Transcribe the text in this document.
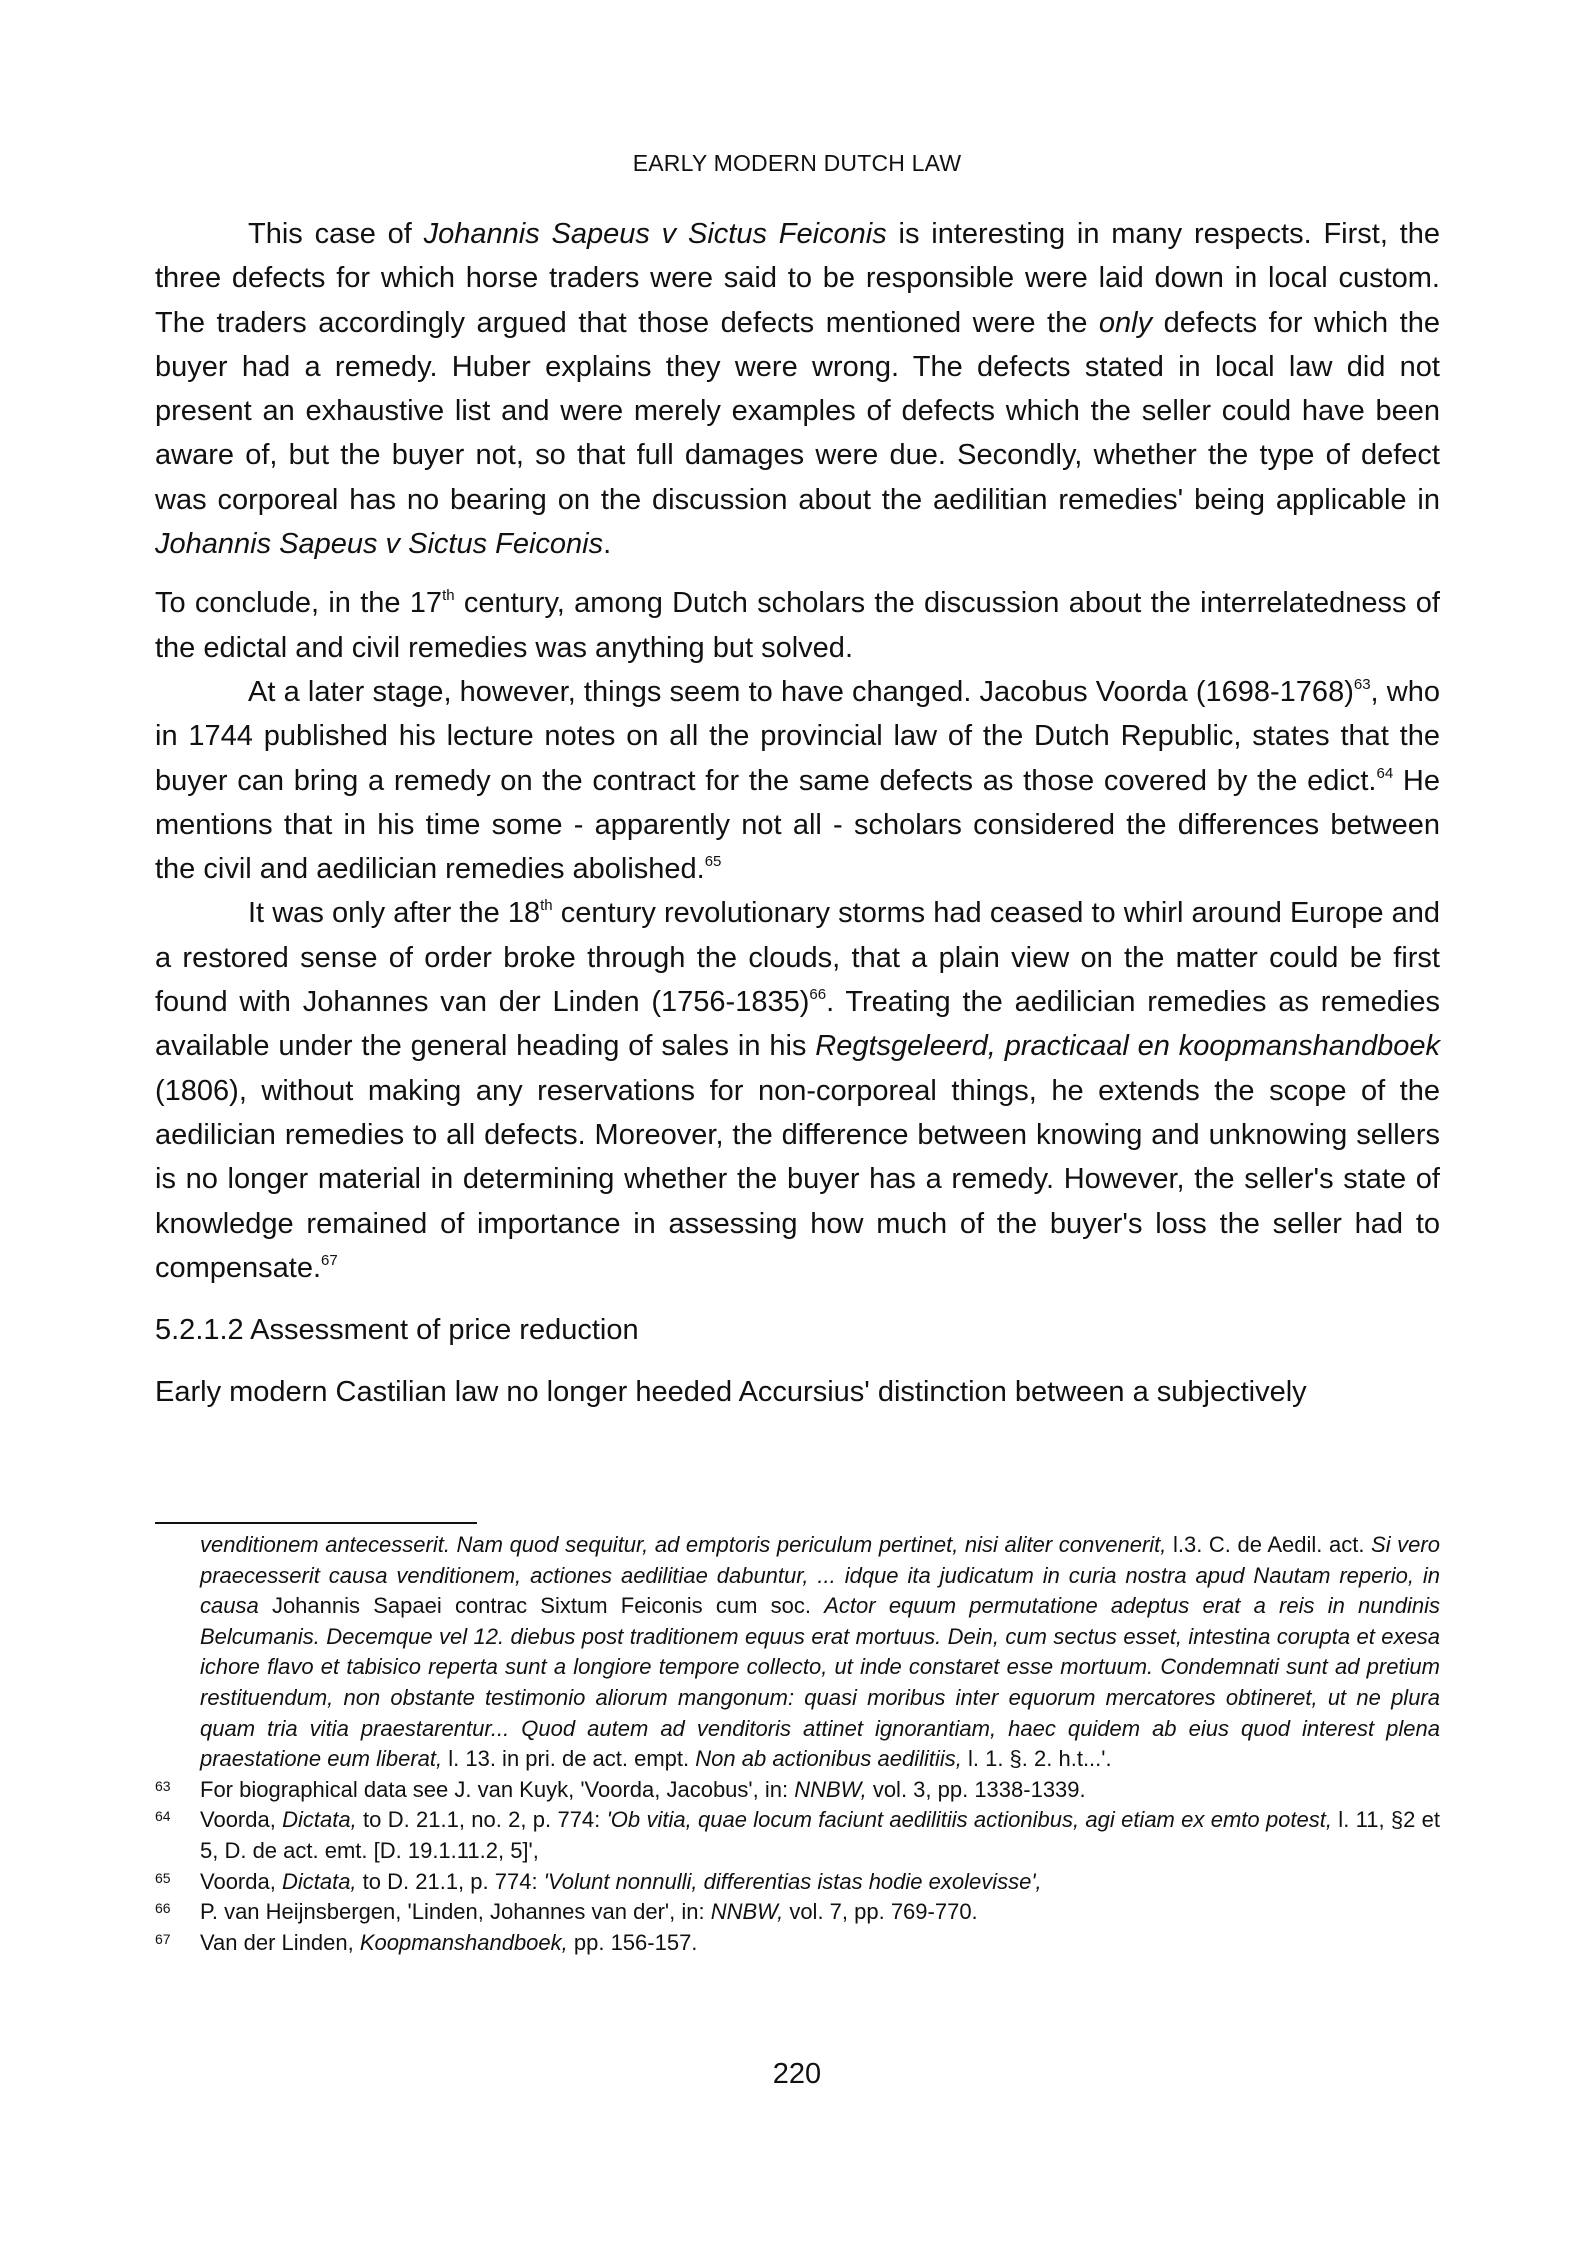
EARLY MODERN DUTCH LAW

This case of Johannis Sapeus v Sictus Feiconis is interesting in many respects. First, the three defects for which horse traders were said to be responsible were laid down in local custom. The traders accordingly argued that those defects mentioned were the only defects for which the buyer had a remedy. Huber explains they were wrong. The defects stated in local law did not present an exhaustive list and were merely examples of defects which the seller could have been aware of, but the buyer not, so that full damages were due. Secondly, whether the type of defect was corporeal has no bearing on the discussion about the aedilitian remedies' being applicable in Johannis Sapeus v Sictus Feiconis.

To conclude, in the 17th century, among Dutch scholars the discussion about the interrelatedness of the edictal and civil remedies was anything but solved.

At a later stage, however, things seem to have changed. Jacobus Voorda (1698-1768)$^{63}$, who in 1744 published his lecture notes on all the provincial law of the Dutch Republic, states that the buyer can bring a remedy on the contract for the same defects as those covered by the edict.$^{64}$ He mentions that in his time some - apparently not all - scholars considered the differences between the civil and aedilician remedies abolished.$^{65}$

It was only after the 18th century revolutionary storms had ceased to whirl around Europe and a restored sense of order broke through the clouds, that a plain view on the matter could be first found with Johannes van der Linden (1756-1835)$^{66}$. Treating the aedilician remedies as remedies available under the general heading of sales in his Regtsgeleerd, practicaal en koopmanshandboek (1806), without making any reservations for non-corporeal things, he extends the scope of the aedilician remedies to all defects. Moreover, the difference between knowing and unknowing sellers is no longer material in determining whether the buyer has a remedy. However, the seller's state of knowledge remained of importance in assessing how much of the buyer's loss the seller had to compensate.$^{67}$

5.2.1.2 Assessment of price reduction

Early modern Castilian law no longer heeded Accursius' distinction between a subjectively

venditionem antecesserit. Nam quod sequitur, ad emptoris periculum pertinet, nisi aliter convenerit, l.3. C. de Aedil. act. Si vero praecesserit causa venditionem, actiones aedilitiae dabuntur, ... idque ita judicatum in curia nostra apud Nautam reperio, in causa Johannis Sapaei contrac Sixtum Feiconis cum soc. Actor equum permutatione adeptus erat a reis in nundinis Belcumanis. Decemque vel 12. diebus post traditionem equus erat mortuus. Dein, cum sectus esset, intestina corupta et exesa ichore flavo et tabisico reperta sunt a longiore tempore collecto, ut inde constaret esse mortuum. Condemnati sunt ad pretium restituendum, non obstante testimonio aliorum mangonum: quasi moribus inter equorum mercatores obtineret, ut ne plura quam tria vitia praestarentur... Quod autem ad venditoris attinet ignorantiam, haec quidem ab eius quod interest plena praestatione eum liberat, l. 13. in pri. de act. empt. Non ab actionibus aedilitiis, l. 1. §. 2. h.t...'.
63 For biographical data see J. van Kuyk, 'Voorda, Jacobus', in: NNBW, vol. 3, pp. 1338-1339.
64 Voorda, Dictata, to D. 21.1, no. 2, p. 774: 'Ob vitia, quae locum faciunt aedilitiis actionibus, agi etiam ex emto potest, l. 11, §2 et 5, D. de act. emt. [D. 19.1.11.2, 5]',
65 Voorda, Dictata, to D. 21.1, p. 774: 'Volunt nonnulli, differentias istas hodie exolevisse',
66 P. van Heijnsbergen, 'Linden, Johannes van der', in: NNBW, vol. 7, pp. 769-770.
67 Van der Linden, Koopmanshandboek, pp. 156-157.
220
